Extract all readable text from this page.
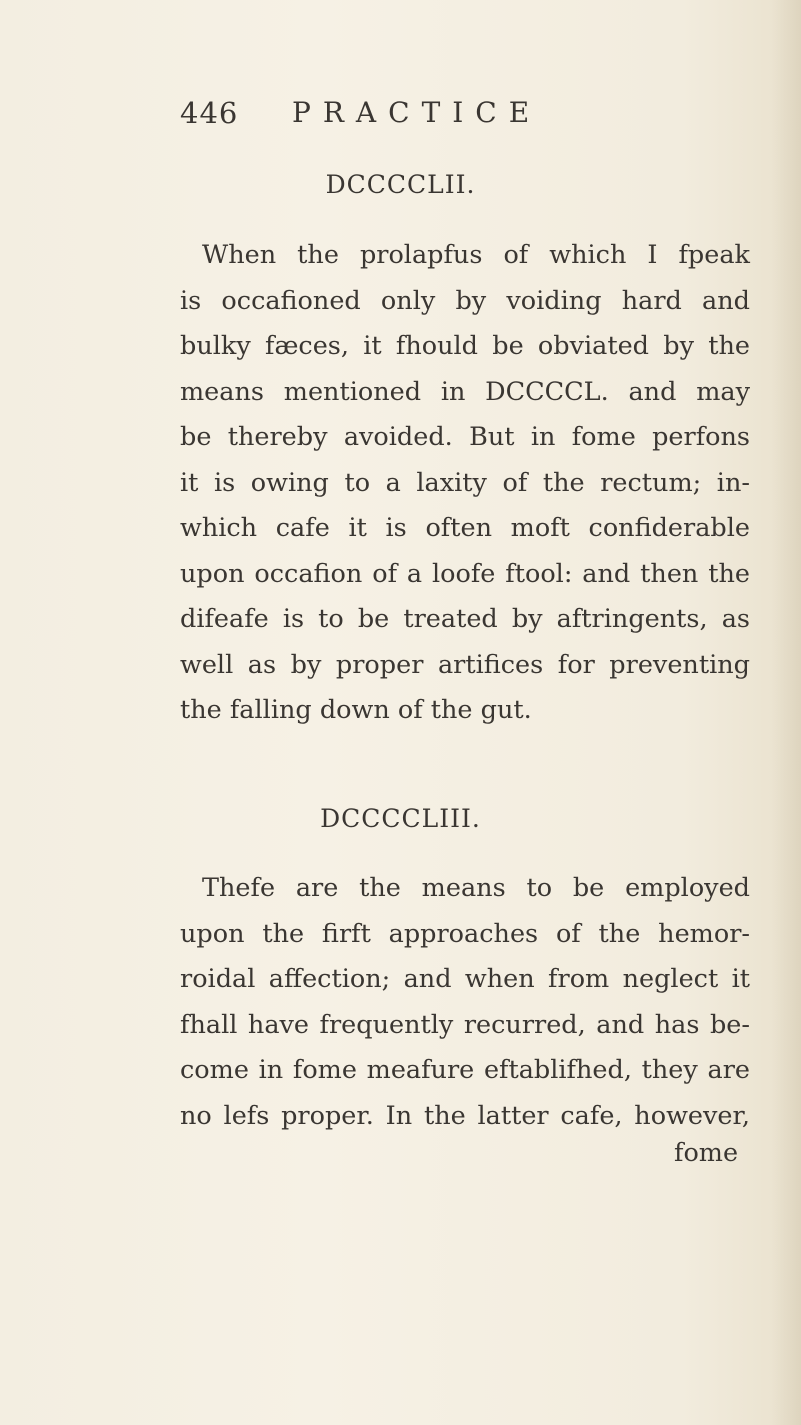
446 PRACTICE
DCCCCLII.
When the prolapfus of which I fpeak
is occafioned only by voiding hard and
bulky fæces, it fhould be obviated by the
means mentioned in DCCCCL. and may
be thereby avoided. But in fome perfons
it is owing to a laxity of the rectum; in-
which cafe it is often moft confiderable
upon occafion of a loofe ftool: and then the
difeafe is to be treated by aftringents, as
well as by proper artifices for preventing
the falling down of the gut.
DCCCCLIII.
Thefe are the means to be employed
upon the firft approaches of the hemor-
roidal affection; and when from neglect it
fhall have frequently recurred, and has be-
come in fome meafure eftablifhed, they are
no lefs proper. In the latter cafe, however,
fome
